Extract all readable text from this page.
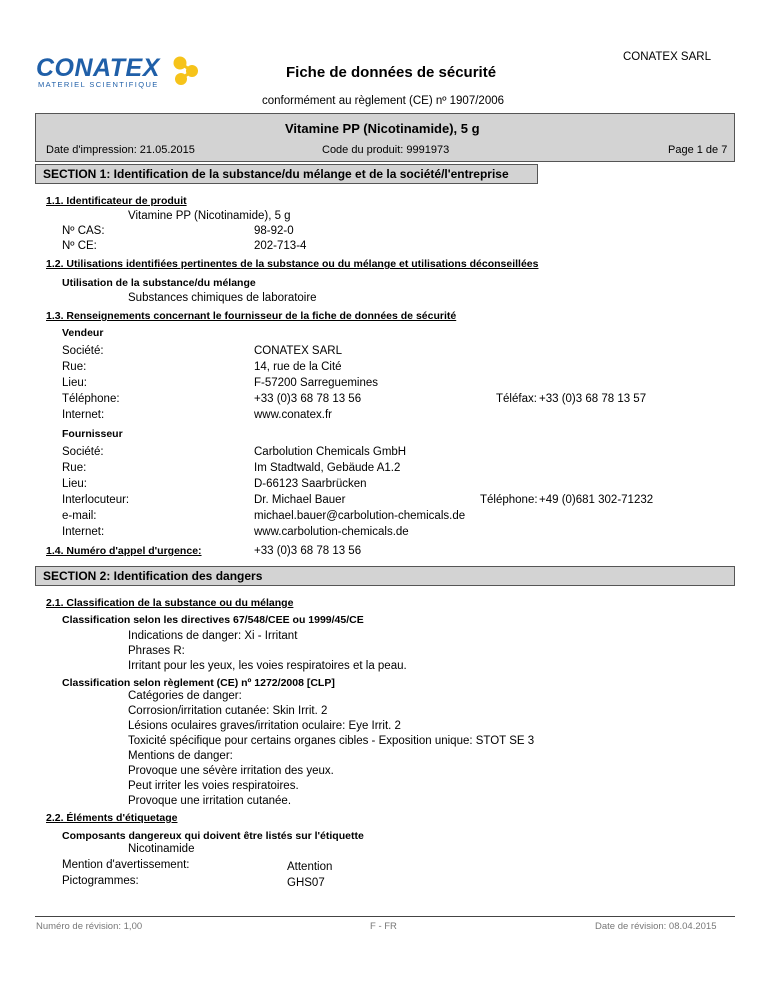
CONATEX
MATERIEL SCIENTIFIQUE
CONATEX SARL
Fiche de données de sécurité
conformément au règlement (CE) nº 1907/2006
Vitamine PP (Nicotinamide), 5 g
Date d'impression: 21.05.2015	Code du produit: 9991973	Page 1 de 7
SECTION 1: Identification de la substance/du mélange et de la société/l'entreprise
1.1. Identificateur de produit
Vitamine PP (Nicotinamide), 5 g
Nº CAS:	98-92-0
Nº CE:	202-713-4
1.2. Utilisations identifiées pertinentes de la substance ou du mélange et utilisations déconseillées
Utilisation de la substance/du mélange
Substances chimiques de laboratoire
1.3. Renseignements concernant le fournisseur de la fiche de données de sécurité
Vendeur
Société:	CONATEX SARL
Rue:	14, rue de la Cité
Lieu:	F-57200 Sarreguemines
Téléphone:	+33 (0)3 68 78 13 56	Téléfax: +33 (0)3 68 78 13 57
Internet:	www.conatex.fr
Fournisseur
Société:	Carbolution Chemicals GmbH
Rue:	Im Stadtwald, Gebäude A1.2
Lieu:	D-66123 Saarbrücken
Interlocuteur:	Dr. Michael Bauer	Téléphone: +49 (0)681 302-71232
e-mail:	michael.bauer@carbolution-chemicals.de
Internet:	www.carbolution-chemicals.de
1.4. Numéro d'appel d'urgence:	+33 (0)3 68 78 13 56
SECTION 2: Identification des dangers
2.1. Classification de la substance ou du mélange
Classification selon les directives 67/548/CEE ou 1999/45/CE
Indications de danger: Xi - Irritant
Phrases R:
Irritant pour les yeux, les voies respiratoires et la peau.
Classification selon règlement (CE) nº 1272/2008 [CLP]
Catégories de danger:
Corrosion/irritation cutanée: Skin Irrit. 2
Lésions oculaires graves/irritation oculaire: Eye Irrit. 2
Toxicité spécifique pour certains organes cibles - Exposition unique: STOT SE 3
Mentions de danger:
Provoque une sévère irritation des yeux.
Peut irriter les voies respiratoires.
Provoque une irritation cutanée.
2.2. Éléments d'étiquetage
Composants dangereux qui doivent être listés sur l'étiquette
Nicotinamide
Mention d'avertissement:	Attention
Pictogrammes:	GHS07
Numéro de révision: 1,00	F - FR	Date de révision: 08.04.2015
